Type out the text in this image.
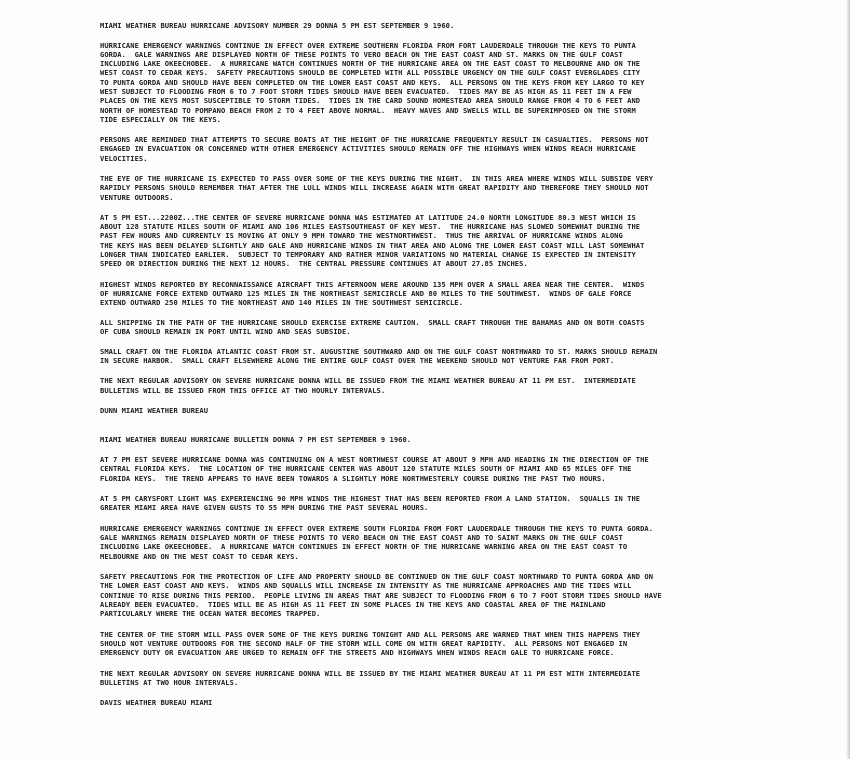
MIAMI WEATHER BUREAU HURRICANE ADVISORY NUMBER 29 DONNA 5 PM EST SEPTEMBER 9 1960.
HURRICANE EMERGENCY WARNINGS CONTINUE IN EFFECT OVER EXTREME SOUTHERN FLORIDA FROM FORT LAUDERDALE THROUGH THE KEYS TO PUNTA
GORDA.  GALE WARNINGS ARE DISPLAYED NORTH OF THESE POINTS TO VERO BEACH ON THE EAST COAST AND ST. MARKS ON THE GULF COAST
INCLUDING LAKE OKEECHOBEE.  A HURRICANE WATCH CONTINUES NORTH OF THE HURRICANE AREA ON THE EAST COAST TO MELBOURNE AND ON THE
WEST COAST TO CEDAR KEYS.  SAFETY PRECAUTIONS SHOULD BE COMPLETED WITH ALL POSSIBLE URGENCY ON THE GULF COAST EVERGLADES CITY
TO PUNTA GORDA AND SHOULD HAVE BEEN COMPLETED ON THE LOWER EAST COAST AND KEYS.  ALL PERSONS ON THE KEYS FROM KEY LARGO TO KEY
WEST SUBJECT TO FLOODING FROM 6 TO 7 FOOT STORM TIDES SHOULD HAVE BEEN EVACUATED.  TIDES MAY BE AS HIGH AS 11 FEET IN A FEW
PLACES ON THE KEYS MOST SUSCEPTIBLE TO STORM TIDES.  TIDES IN THE CARD SOUND HOMESTEAD AREA SHOULD RANGE FROM 4 TO 6 FEET AND
NORTH OF HOMESTEAD TO POMPANO BEACH FROM 2 TO 4 FEET ABOVE NORMAL.  HEAVY WAVES AND SWELLS WILL BE SUPERIMPOSED ON THE STORM
TIDE ESPECIALLY ON THE KEYS.
PERSONS ARE REMINDED THAT ATTEMPTS TO SECURE BOATS AT THE HEIGHT OF THE HURRICANE FREQUENTLY RESULT IN CASUALTIES.  PERSONS NOT
ENGAGED IN EVACUATION OR CONCERNED WITH OTHER EMERGENCY ACTIVITIES SHOULD REMAIN OFF THE HIGHWAYS WHEN WINDS REACH HURRICANE
VELOCITIES.
THE EYE OF THE HURRICANE IS EXPECTED TO PASS OVER SOME OF THE KEYS DURING THE NIGHT.  IN THIS AREA WHERE WINDS WILL SUBSIDE VERY
RAPIDLY PERSONS SHOULD REMEMBER THAT AFTER THE LULL WINDS WILL INCREASE AGAIN WITH GREAT RAPIDITY AND THEREFORE THEY SHOULD NOT
VENTURE OUTDOORS.
AT 5 PM EST...2200Z...THE CENTER OF SEVERE HURRICANE DONNA WAS ESTIMATED AT LATITUDE 24.0 NORTH LONGITUDE 80.3 WEST WHICH IS
ABOUT 128 STATUTE MILES SOUTH OF MIAMI AND 106 MILES EASTSOUTHEAST OF KEY WEST.  THE HURRICANE HAS SLOWED SOMEWHAT DURING THE
PAST FEW HOURS AND CURRENTLY IS MOVING AT ONLY 9 MPH TOWARD THE WESTNORTHWEST.  THUS THE ARRIVAL OF HURRICANE WINDS ALONG
THE KEYS HAS BEEN DELAYED SLIGHTLY AND GALE AND HURRICANE WINDS IN THAT AREA AND ALONG THE LOWER EAST COAST WILL LAST SOMEWHAT
LONGER THAN INDICATED EARLIER.  SUBJECT TO TEMPORARY AND RATHER MINOR VARIATIONS NO MATERIAL CHANGE IS EXPECTED IN INTENSITY
SPEED OR DIRECTION DURING THE NEXT 12 HOURS.  THE CENTRAL PRESSURE CONTINUES AT ABOUT 27.85 INCHES.
HIGHEST WINDS REPORTED BY RECONNAISSANCE AIRCRAFT THIS AFTERNOON WERE AROUND 135 MPH OVER A SMALL AREA NEAR THE CENTER.  WINDS
OF HURRICANE FORCE EXTEND OUTWARD 125 MILES IN THE NORTHEAST SEMICIRCLE AND 80 MILES TO THE SOUTHWEST.  WINDS OF GALE FORCE
EXTEND OUTWARD 250 MILES TO THE NORTHEAST AND 140 MILES IN THE SOUTHWEST SEMICIRCLE.
ALL SHIPPING IN THE PATH OF THE HURRICANE SHOULD EXERCISE EXTREME CAUTION.  SMALL CRAFT THROUGH THE BAHAMAS AND ON BOTH COASTS
OF CUBA SHOULD REMAIN IN PORT UNTIL WIND AND SEAS SUBSIDE.
SMALL CRAFT ON THE FLORIDA ATLANTIC COAST FROM ST. AUGUSTINE SOUTHWARD AND ON THE GULF COAST NORTHWARD TO ST. MARKS SHOULD REMAIN
IN SECURE HARBOR.  SMALL CRAFT ELSEWHERE ALONG THE ENTIRE GULF COAST OVER THE WEEKEND SHOULD NOT VENTURE FAR FROM PORT.
THE NEXT REGULAR ADVISORY ON SEVERE HURRICANE DONNA WILL BE ISSUED FROM THE MIAMI WEATHER BUREAU AT 11 PM EST.  INTERMEDIATE
BULLETINS WILL BE ISSUED FROM THIS OFFICE AT TWO HOURLY INTERVALS.
DUNN MIAMI WEATHER BUREAU
MIAMI WEATHER BUREAU HURRICANE BULLETIN DONNA 7 PM EST SEPTEMBER 9 1960.
AT 7 PM EST SEVERE HURRICANE DONNA WAS CONTINUING ON A WEST NORTHWEST COURSE AT ABOUT 9 MPH AND HEADING IN THE DIRECTION OF THE
CENTRAL FLORIDA KEYS.  THE LOCATION OF THE HURRICANE CENTER WAS ABOUT 120 STATUTE MILES SOUTH OF MIAMI AND 65 MILES OFF THE
FLORIDA KEYS.  THE TREND APPEARS TO HAVE BEEN TOWARDS A SLIGHTLY MORE NORTHWESTERLY COURSE DURING THE PAST TWO HOURS.
AT 5 PM CARYSFORT LIGHT WAS EXPERIENCING 90 MPH WINDS THE HIGHEST THAT HAS BEEN REPORTED FROM A LAND STATION.  SQUALLS IN THE
GREATER MIAMI AREA HAVE GIVEN GUSTS TO 55 MPH DURING THE PAST SEVERAL HOURS.
HURRICANE EMERGENCY WARNINGS CONTINUE IN EFFECT OVER EXTREME SOUTH FLORIDA FROM FORT LAUDERDALE THROUGH THE KEYS TO PUNTA GORDA.
GALE WARNINGS REMAIN DISPLAYED NORTH OF THESE POINTS TO VERO BEACH ON THE EAST COAST AND TO SAINT MARKS ON THE GULF COAST
INCLUDING LAKE OKEECHOBEE.  A HURRICANE WATCH CONTINUES IN EFFECT NORTH OF THE HURRICANE WARNING AREA ON THE EAST COAST TO
MELBOURNE AND ON THE WEST COAST TO CEDAR KEYS.
SAFETY PRECAUTIONS FOR THE PROTECTION OF LIFE AND PROPERTY SHOULD BE CONTINUED ON THE GULF COAST NORTHWARD TO PUNTA GORDA AND ON
THE LOWER EAST COAST AND KEYS.  WINDS AND SQUALLS WILL INCREASE IN INTENSITY AS THE HURRICANE APPROACHES AND THE TIDES WILL
CONTINUE TO RISE DURING THIS PERIOD.  PEOPLE LIVING IN AREAS THAT ARE SUBJECT TO FLOODING FROM 6 TO 7 FOOT STORM TIDES SHOULD HAVE
ALREADY BEEN EVACUATED.  TIDES WILL BE AS HIGH AS 11 FEET IN SOME PLACES IN THE KEYS AND COASTAL AREA OF THE MAINLAND
PARTICULARLY WHERE THE OCEAN WATER BECOMES TRAPPED.
THE CENTER OF THE STORM WILL PASS OVER SOME OF THE KEYS DURING TONIGHT AND ALL PERSONS ARE WARNED THAT WHEN THIS HAPPENS THEY
SHOULD NOT VENTURE OUTDOORS FOR THE SECOND HALF OF THE STORM WILL COME ON WITH GREAT RAPIDITY.  ALL PERSONS NOT ENGAGED IN
EMERGENCY DUTY OR EVACUATION ARE URGED TO REMAIN OFF THE STREETS AND HIGHWAYS WHEN WINDS REACH GALE TO HURRICANE FORCE.
THE NEXT REGULAR ADVISORY ON SEVERE HURRICANE DONNA WILL BE ISSUED BY THE MIAMI WEATHER BUREAU AT 11 PM EST WITH INTERMEDIATE
BULLETINS AT TWO HOUR INTERVALS.
DAVIS WEATHER BUREAU MIAMI
